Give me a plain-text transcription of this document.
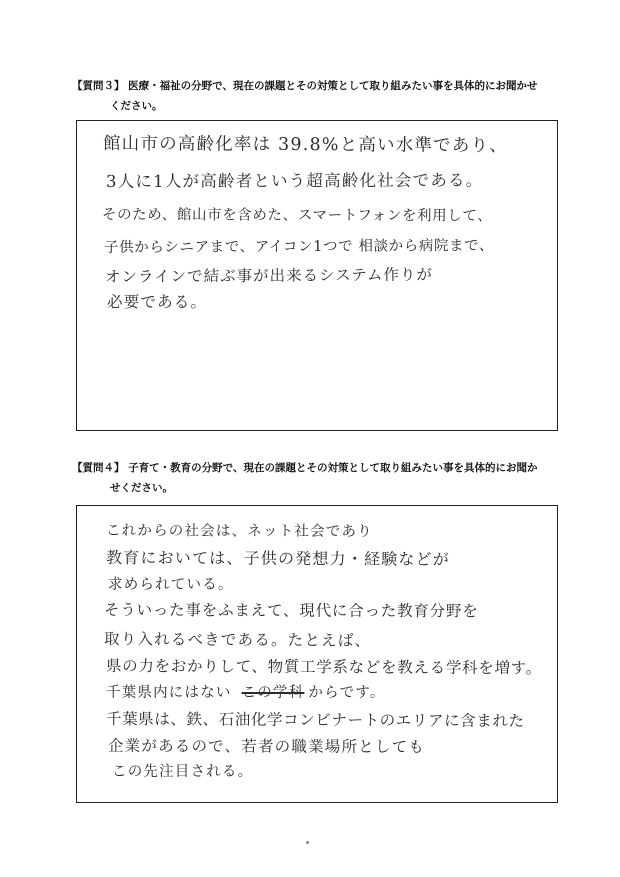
【質問３】 医療・福祉の分野で、現在の課題とその対策として取り組みたい事を具体的にお聞かせ
ください。
館山市の高齢化率は 39.8%と高い水準であり、
3人に1人が高齢者という超高齢化社会である。
そのため、館山市を含めた、スマートフォンを利用して、
子供からシニアまで、アイコン1つで 相談から病院まで、
オンラインで結ぶ事が出来るシステム作りが
必要である。
【質問４】 子育て・教育の分野で、現在の課題とその対策として取り組みたい事を具体的にお聞か
せください。
これからの社会は、ネット社会であり
教育においては、子供の発想力・経験などが
求められている。
そういった事をふまえて、現代に合った教育分野を
取り入れるべきである。たとえば、
県の力をおかりして、物質工学系などを教える学科を増す。
千葉県内にはない この学科 からです。
千葉県は、鉄、石油化学コンビナートのエリアに含まれた
企業があるので、若者の職業場所としても
この先注目される。
